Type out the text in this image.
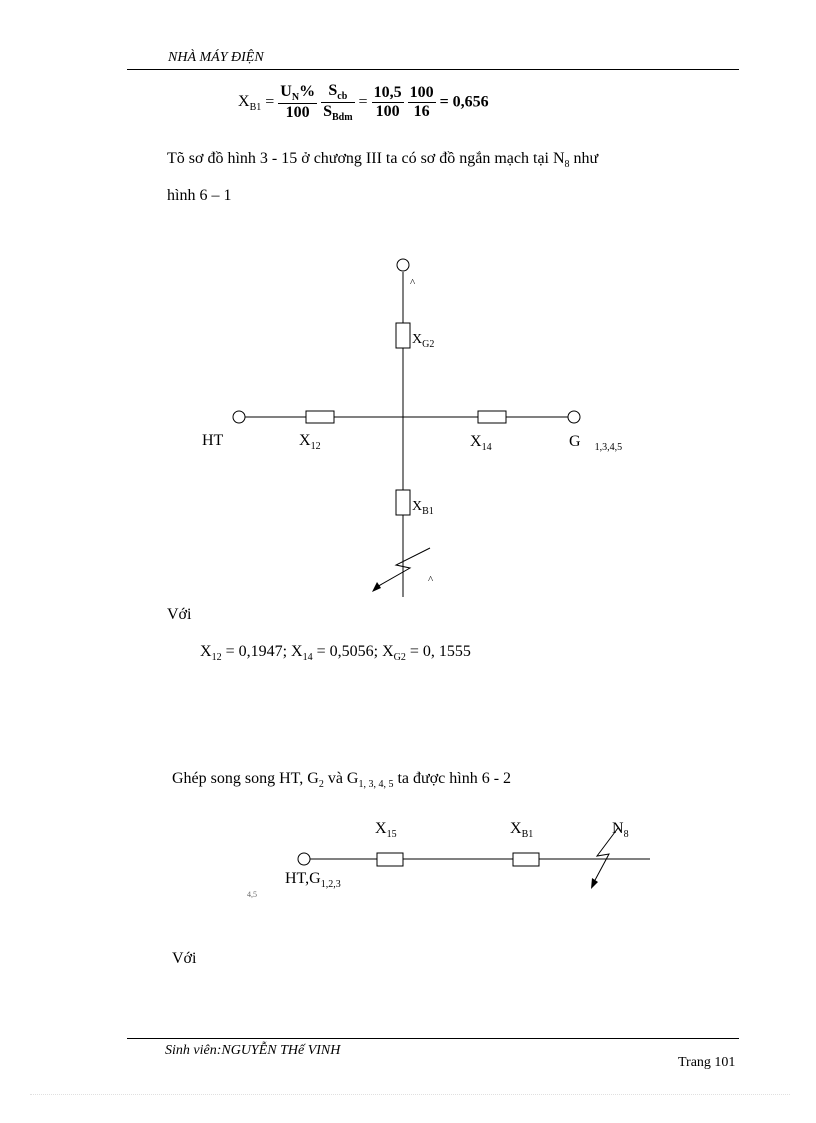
NHÀ MÁY ĐIỆN
$X_{B1} = \frac{U_N\%}{100}$
$\frac{S_{cb}}{S_{Bdm}} = \frac{10,5}{100}$
$\frac{100}{16} = 0,656$
Tõ sơ đồ hình 3 - 15 ở chương III ta có sơ đồ ngắn mạch tại $N_8$ như
hình 6 – 1
^
$X_{G2}$
HT	$X_{12}$	$X_{14}$	G $_{1,3,4,5}$
$X_{B1}$
^
Với
$X_{12} = 0,1947$; $X_{14} = 0,5056$; $X_{G2} = 0$, 1555
Ghép song song HT, $G_2$ và $G_{1, 3, 4, 5}$ ta được hình 6 - 2
$X_{15}$	$X_{B1}$	$N_8$
$HT,G_{1,2,3}$
4,5
Với
Sinh viên:NGUYỄN THế VINH
Trang 101
